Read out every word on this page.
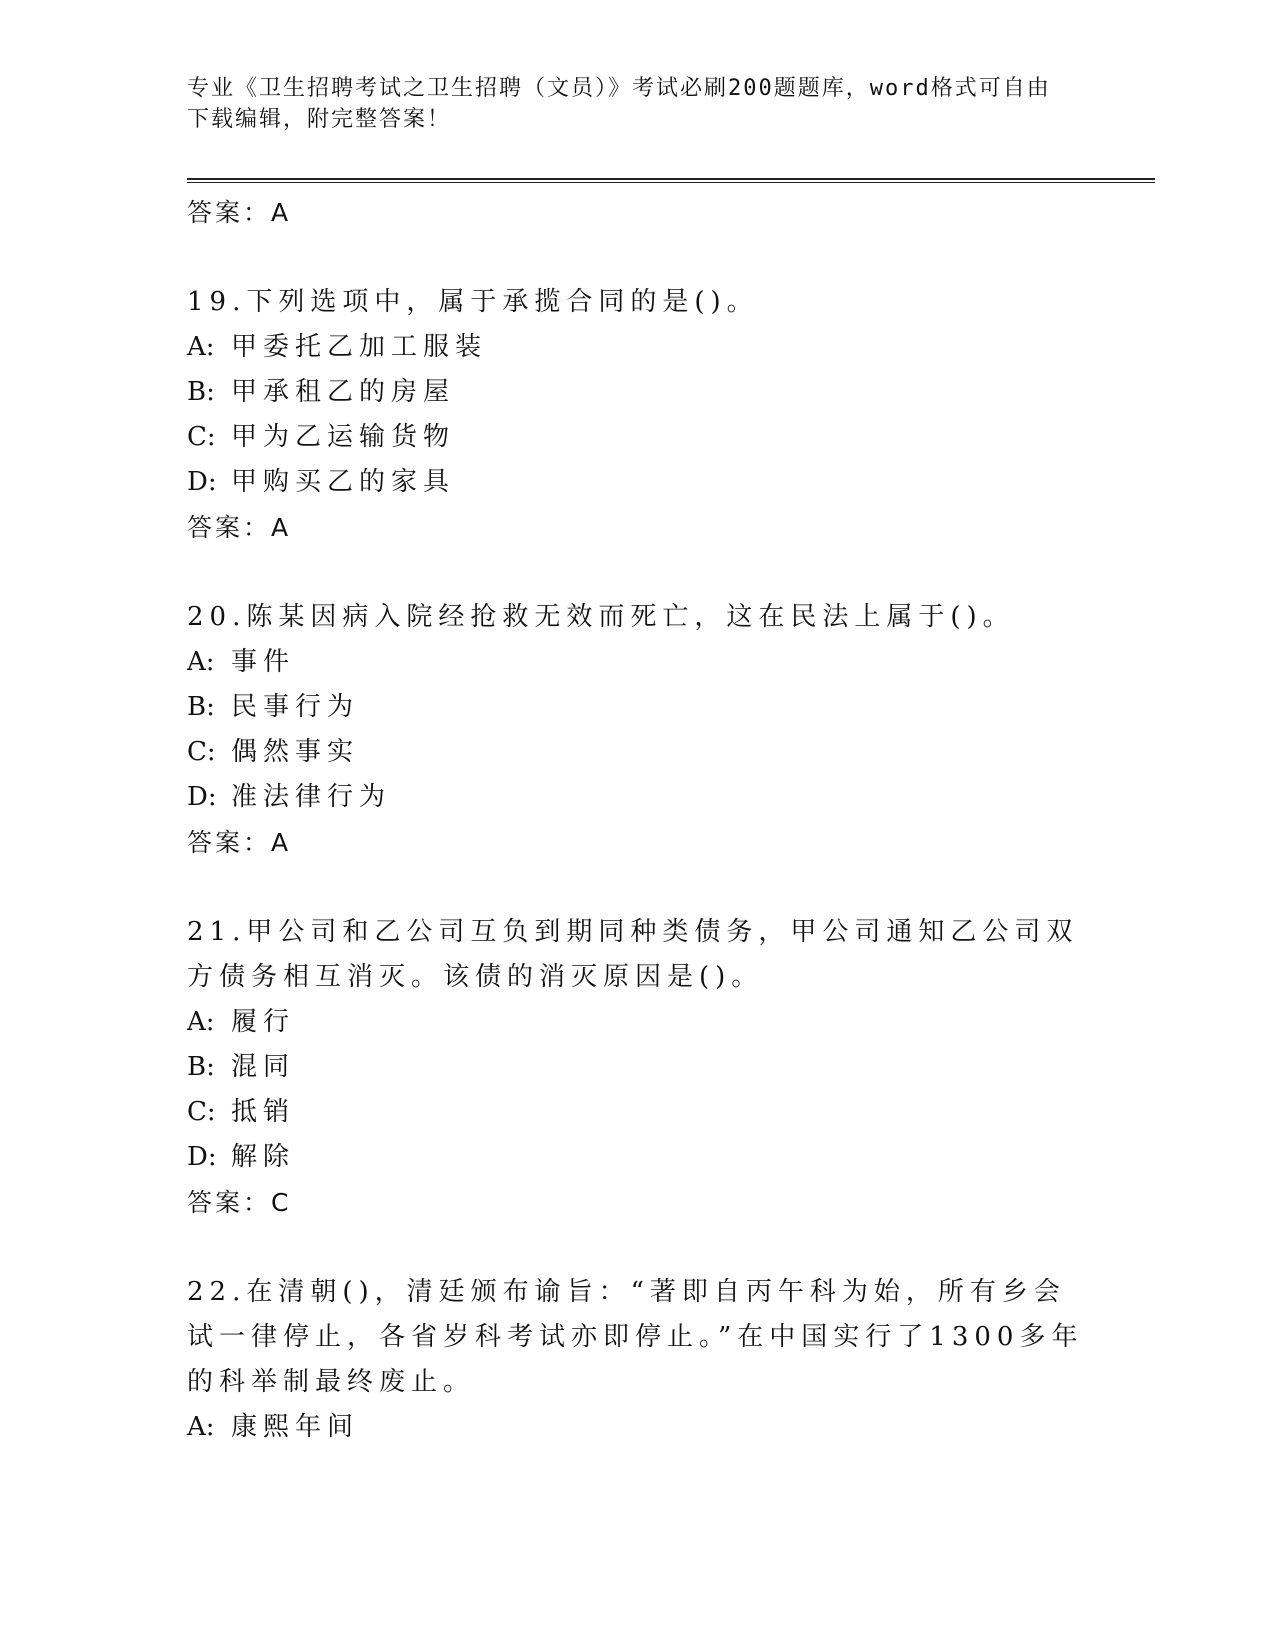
专业《卫生招聘考试之卫生招聘（文员）》考试必刷200题题库，word格式可自由下载编辑，附完整答案！
答案：A
19.下列选项中，属于承揽合同的是()。
A: 甲委托乙加工服装
B: 甲承租乙的房屋
C: 甲为乙运输货物
D: 甲购买乙的家具
答案：A
20.陈某因病入院经抢救无效而死亡，这在民法上属于()。
A: 事件
B: 民事行为
C: 偶然事实
D: 准法律行为
答案：A
21.甲公司和乙公司互负到期同种类债务，甲公司通知乙公司双方债务相互消灭。该债的消灭原因是()。
A: 履行
B: 混同
C: 抵销
D: 解除
答案：C
22.在清朝()，清廷颁布谕旨：“著即自丙午科为始，所有乡会试一律停止，各省岁科考试亦即停止。”在中国实行了1300多年的科举制最终废止。
A: 康熙年间
